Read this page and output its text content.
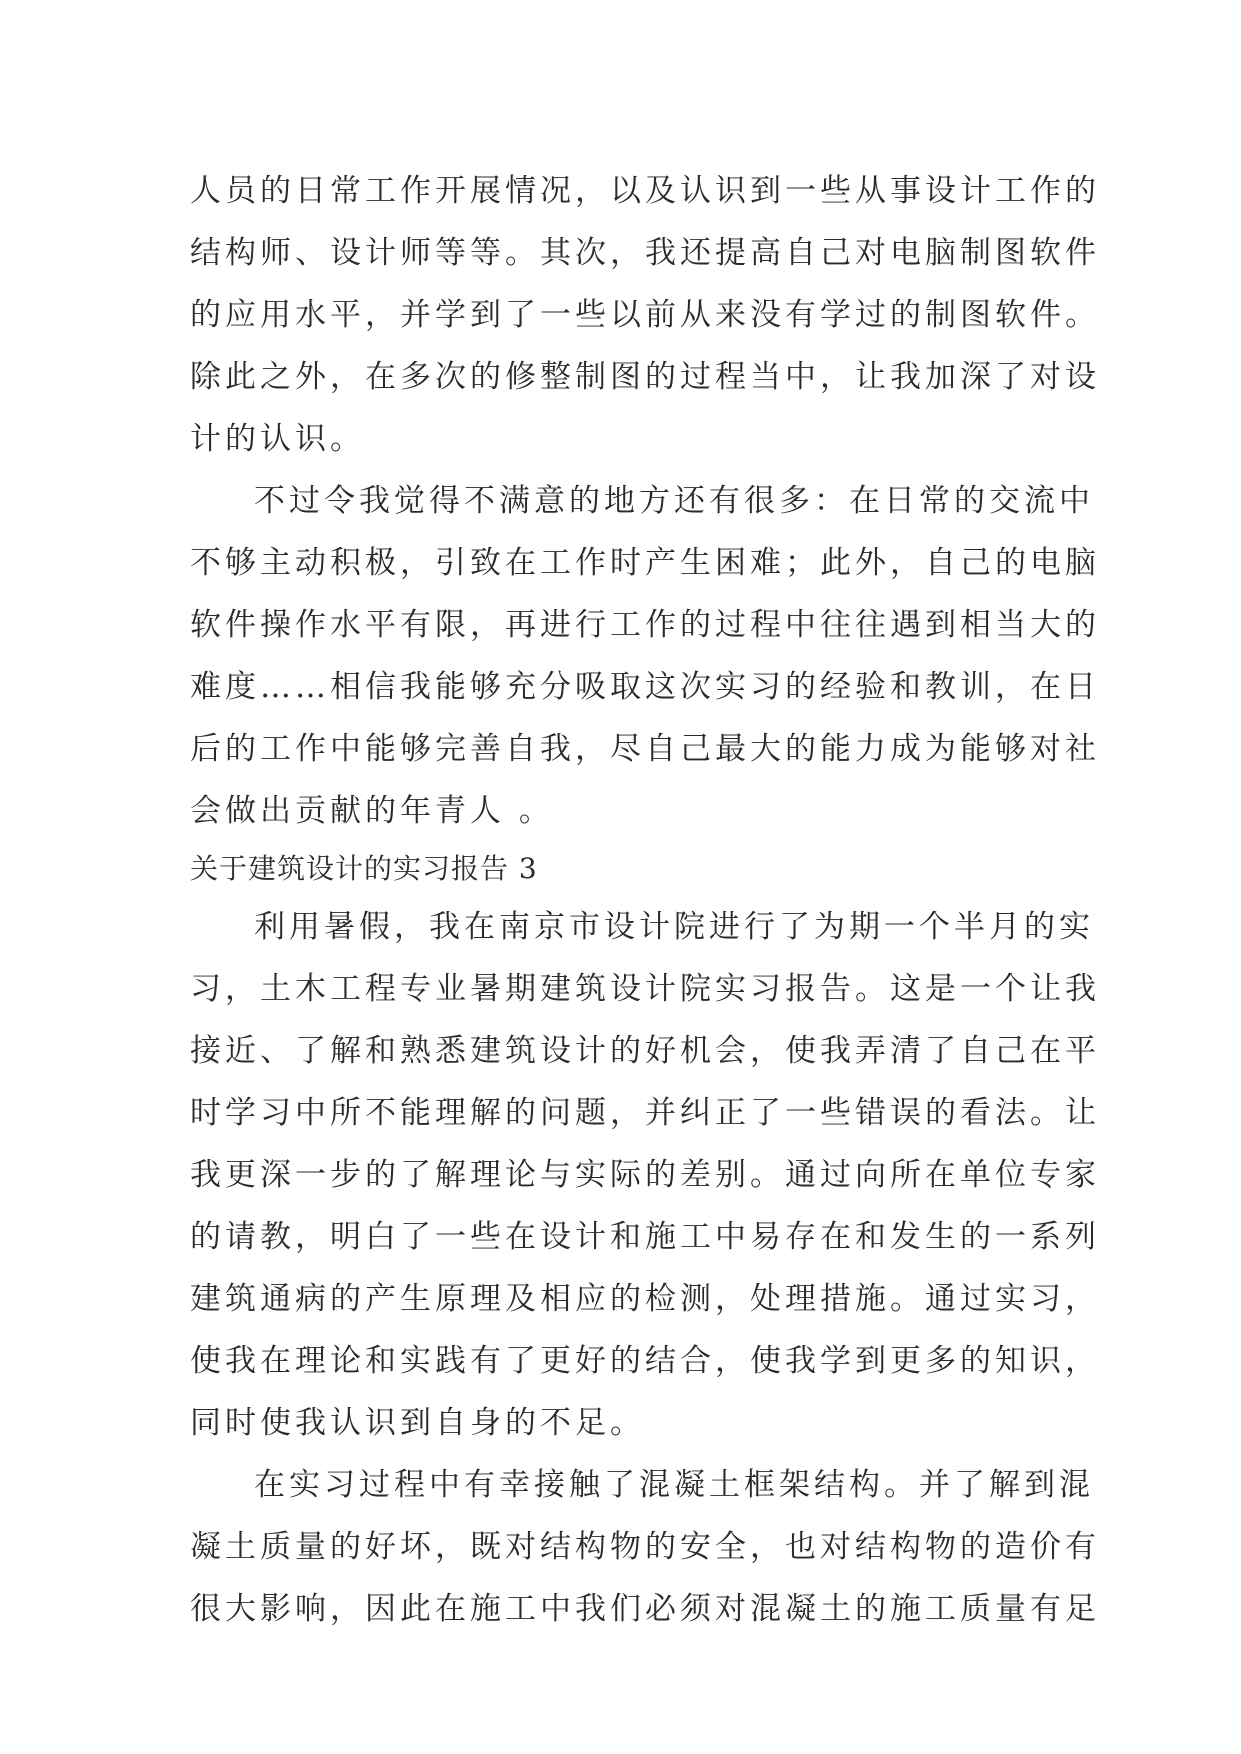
人员的日常工作开展情况，以及认识到一些从事设计工作的
结构师、设计师等等。其次，我还提高自己对电脑制图软件
的应用水平，并学到了一些以前从来没有学过的制图软件。
除此之外，在多次的修整制图的过程当中，让我加深了对设
计的认识。
不过令我觉得不满意的地方还有很多：在日常的交流中
不够主动积极，引致在工作时产生困难；此外，自己的电脑
软件操作水平有限，再进行工作的过程中往往遇到相当大的
难度……相信我能够充分吸取这次实习的经验和教训，在日
后的工作中能够完善自我，尽自己最大的能力成为能够对社
会做出贡献的年青人 。
关于建筑设计的实习报告 3
利用暑假，我在南京市设计院进行了为期一个半月的实
习，土木工程专业暑期建筑设计院实习报告。这是一个让我
接近、了解和熟悉建筑设计的好机会，使我弄清了自己在平
时学习中所不能理解的问题，并纠正了一些错误的看法。让
我更深一步的了解理论与实际的差别。通过向所在单位专家
的请教，明白了一些在设计和施工中易存在和发生的一系列
建筑通病的产生原理及相应的检测，处理措施。通过实习，
使我在理论和实践有了更好的结合，使我学到更多的知识，
同时使我认识到自身的不足。
在实习过程中有幸接触了混凝土框架结构。并了解到混
凝土质量的好坏，既对结构物的安全，也对结构物的造价有
很大影响，因此在施工中我们必须对混凝土的施工质量有足
